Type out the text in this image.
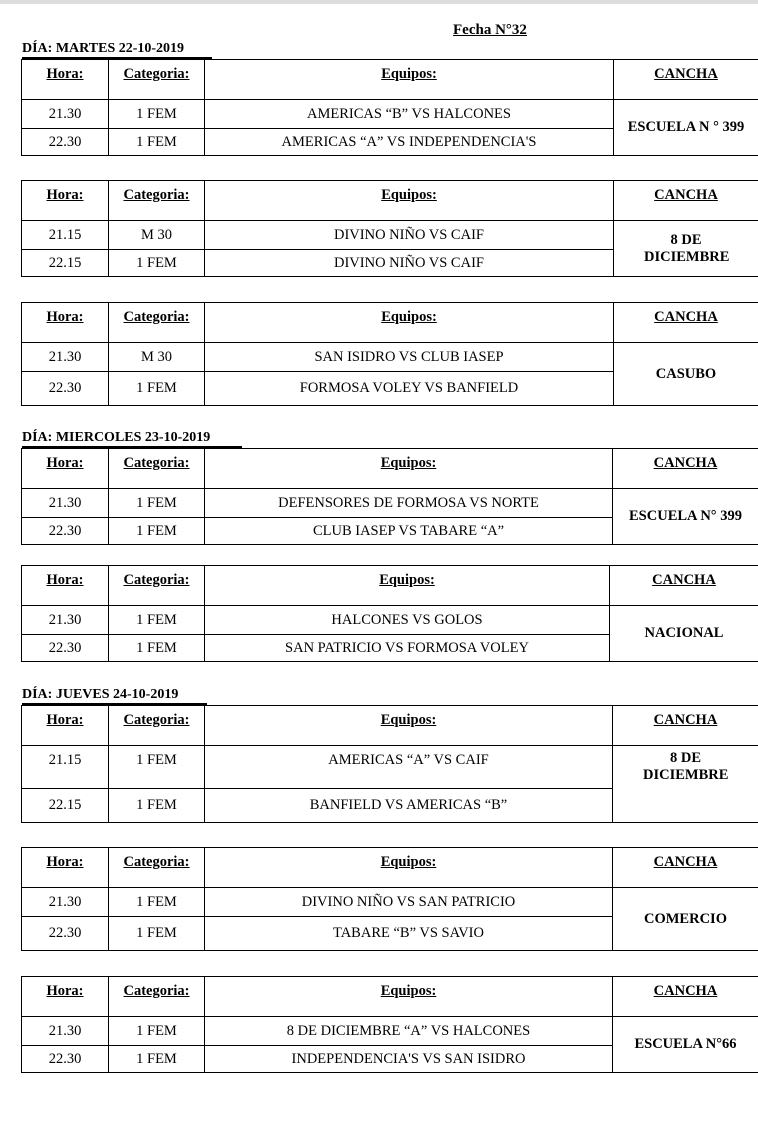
Fecha N°32
DÍA: MARTES 22-10-2019
Hora:	Categoria:	Equipos:	CANCHA
21.30	1 FEM	AMERICAS “B” VS HALCONES	ESCUELA N ° 399
22.30	1 FEM	AMERICAS “A” VS INDEPENDENCIA'S	
Hora:	Categoria:	Equipos:	CANCHA
21.15	M 30	DIVINO NIÑO VS CAIF	8 DE DICIEMBRE
22.15	1 FEM	DIVINO NIÑO VS CAIF	
Hora:	Categoria:	Equipos:	CANCHA
21.30	M 30	SAN ISIDRO VS CLUB IASEP	CASUBO
22.30	1 FEM	FORMOSA VOLEY VS BANFIELD	
DÍA: MIERCOLES 23-10-2019
Hora:	Categoria:	Equipos:	CANCHA
21.30	1 FEM	DEFENSORES DE FORMOSA VS NORTE	ESCUELA N° 399
22.30	1 FEM	CLUB IASEP VS TABARE “A”	
Hora:	Categoria:	Equipos:	CANCHA
21.30	1 FEM	HALCONES VS GOLOS	NACIONAL
22.30	1 FEM	SAN PATRICIO VS FORMOSA VOLEY	
DÍA: JUEVES 24-10-2019
Hora:	Categoria:	Equipos:	CANCHA
21.15	1 FEM	AMERICAS “A” VS CAIF	8 DE DICIEMBRE
22.15	1 FEM	BANFIELD VS AMERICAS “B”	
Hora:	Categoria:	Equipos:	CANCHA
21.30	1 FEM	DIVINO NIÑO VS SAN PATRICIO	COMERCIO
22.30	1 FEM	TABARE “B” VS SAVIO	
Hora:	Categoria:	Equipos:	CANCHA
21.30	1 FEM	8 DE DICIEMBRE “A” VS HALCONES	ESCUELA N°66
22.30	1 FEM	INDEPENDENCIA'S VS SAN ISIDRO	
